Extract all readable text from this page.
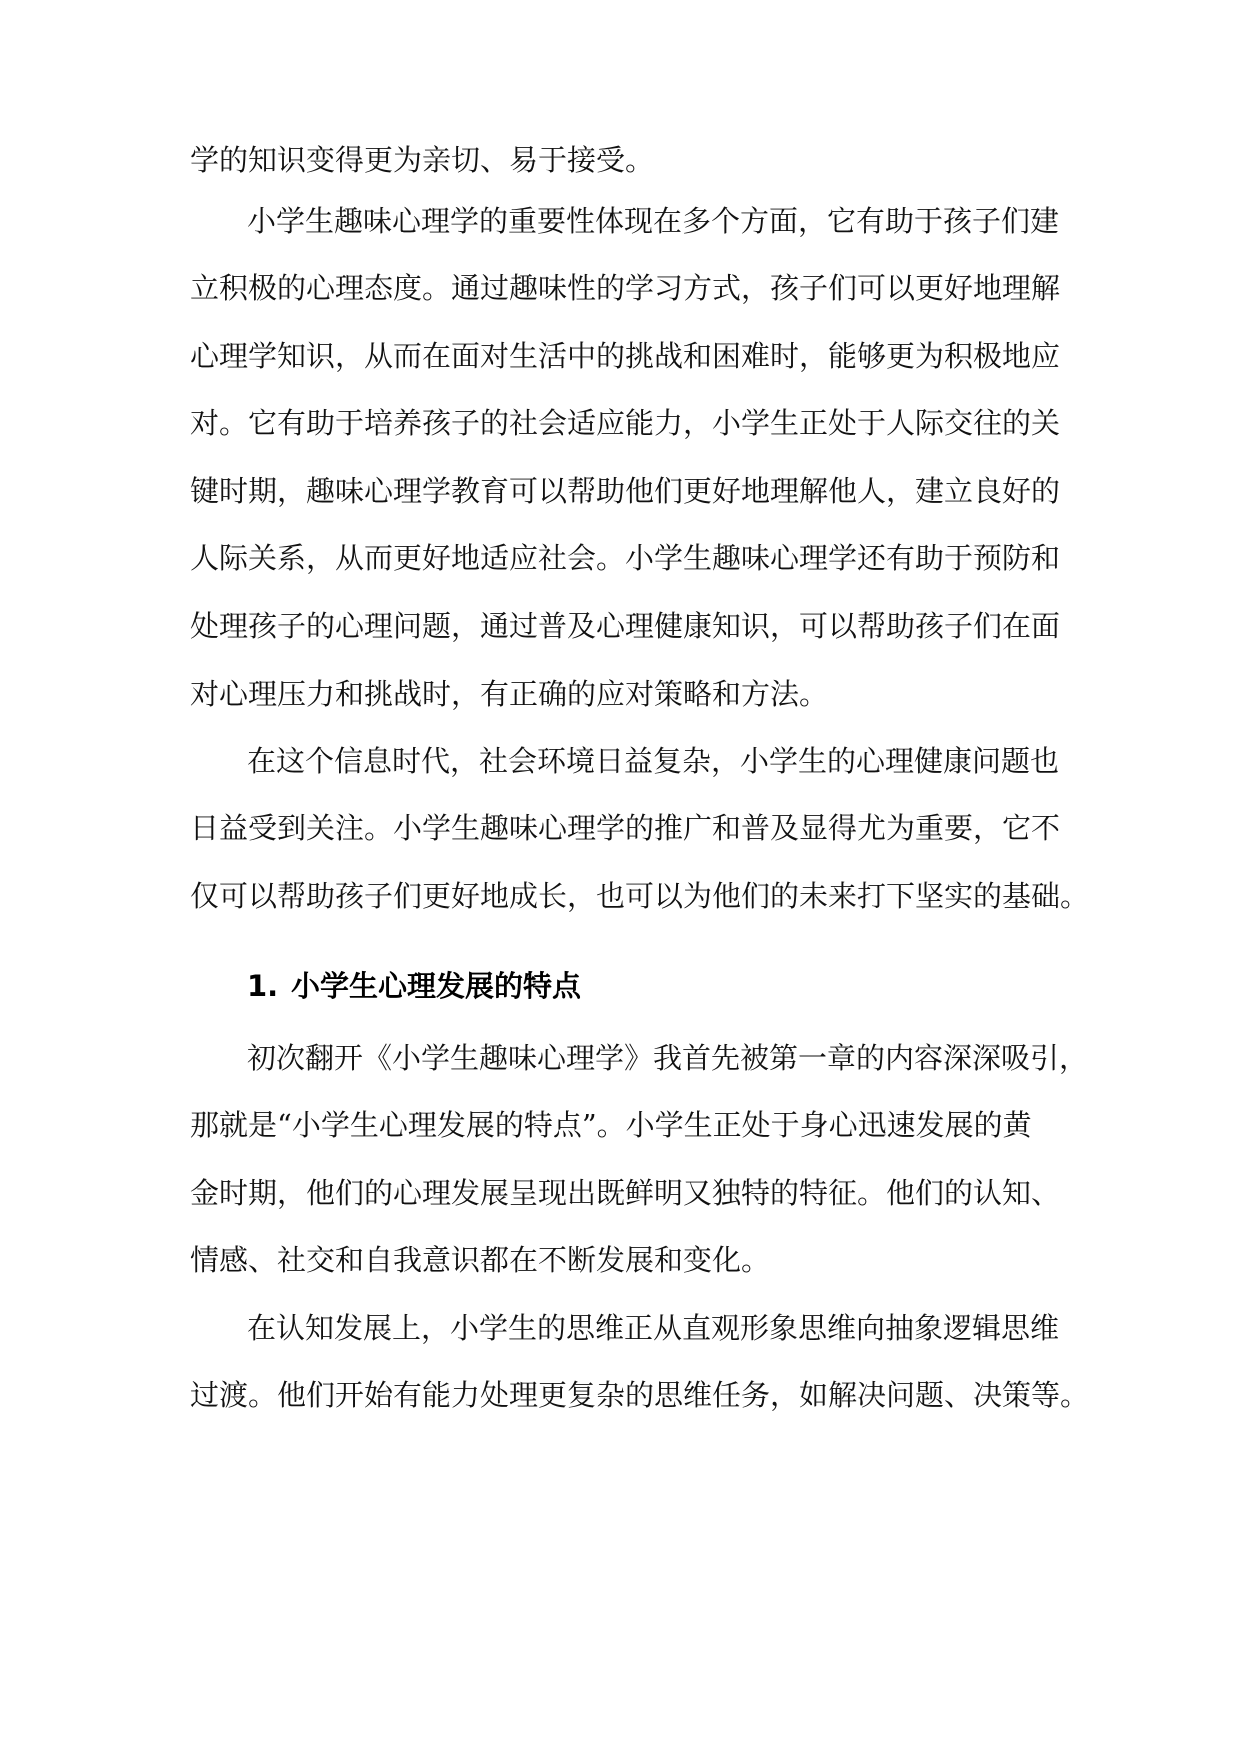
学的知识变得更为亲切、易于接受。
小学生趣味心理学的重要性体现在多个方面，它有助于孩子们建
立积极的心理态度。通过趣味性的学习方式，孩子们可以更好地理解
心理学知识，从而在面对生活中的挑战和困难时，能够更为积极地应
对。它有助于培养孩子的社会适应能力，小学生正处于人际交往的关
键时期，趣味心理学教育可以帮助他们更好地理解他人，建立良好的
人际关系，从而更好地适应社会。小学生趣味心理学还有助于预防和
处理孩子的心理问题，通过普及心理健康知识，可以帮助孩子们在面
对心理压力和挑战时，有正确的应对策略和方法。
在这个信息时代，社会环境日益复杂，小学生的心理健康问题也
日益受到关注。小学生趣味心理学的推广和普及显得尤为重要，它不
仅可以帮助孩子们更好地成长，也可以为他们的未来打下坚实的基础。
1. 小学生心理发展的特点
初次翻开《小学生趣味心理学》我首先被第一章的内容深深吸引，
那就是“小学生心理发展的特点”。小学生正处于身心迅速发展的黄
金时期，他们的心理发展呈现出既鲜明又独特的特征。他们的认知、
情感、社交和自我意识都在不断发展和变化。
在认知发展上，小学生的思维正从直观形象思维向抽象逻辑思维
过渡。他们开始有能力处理更复杂的思维任务，如解决问题、决策等。
